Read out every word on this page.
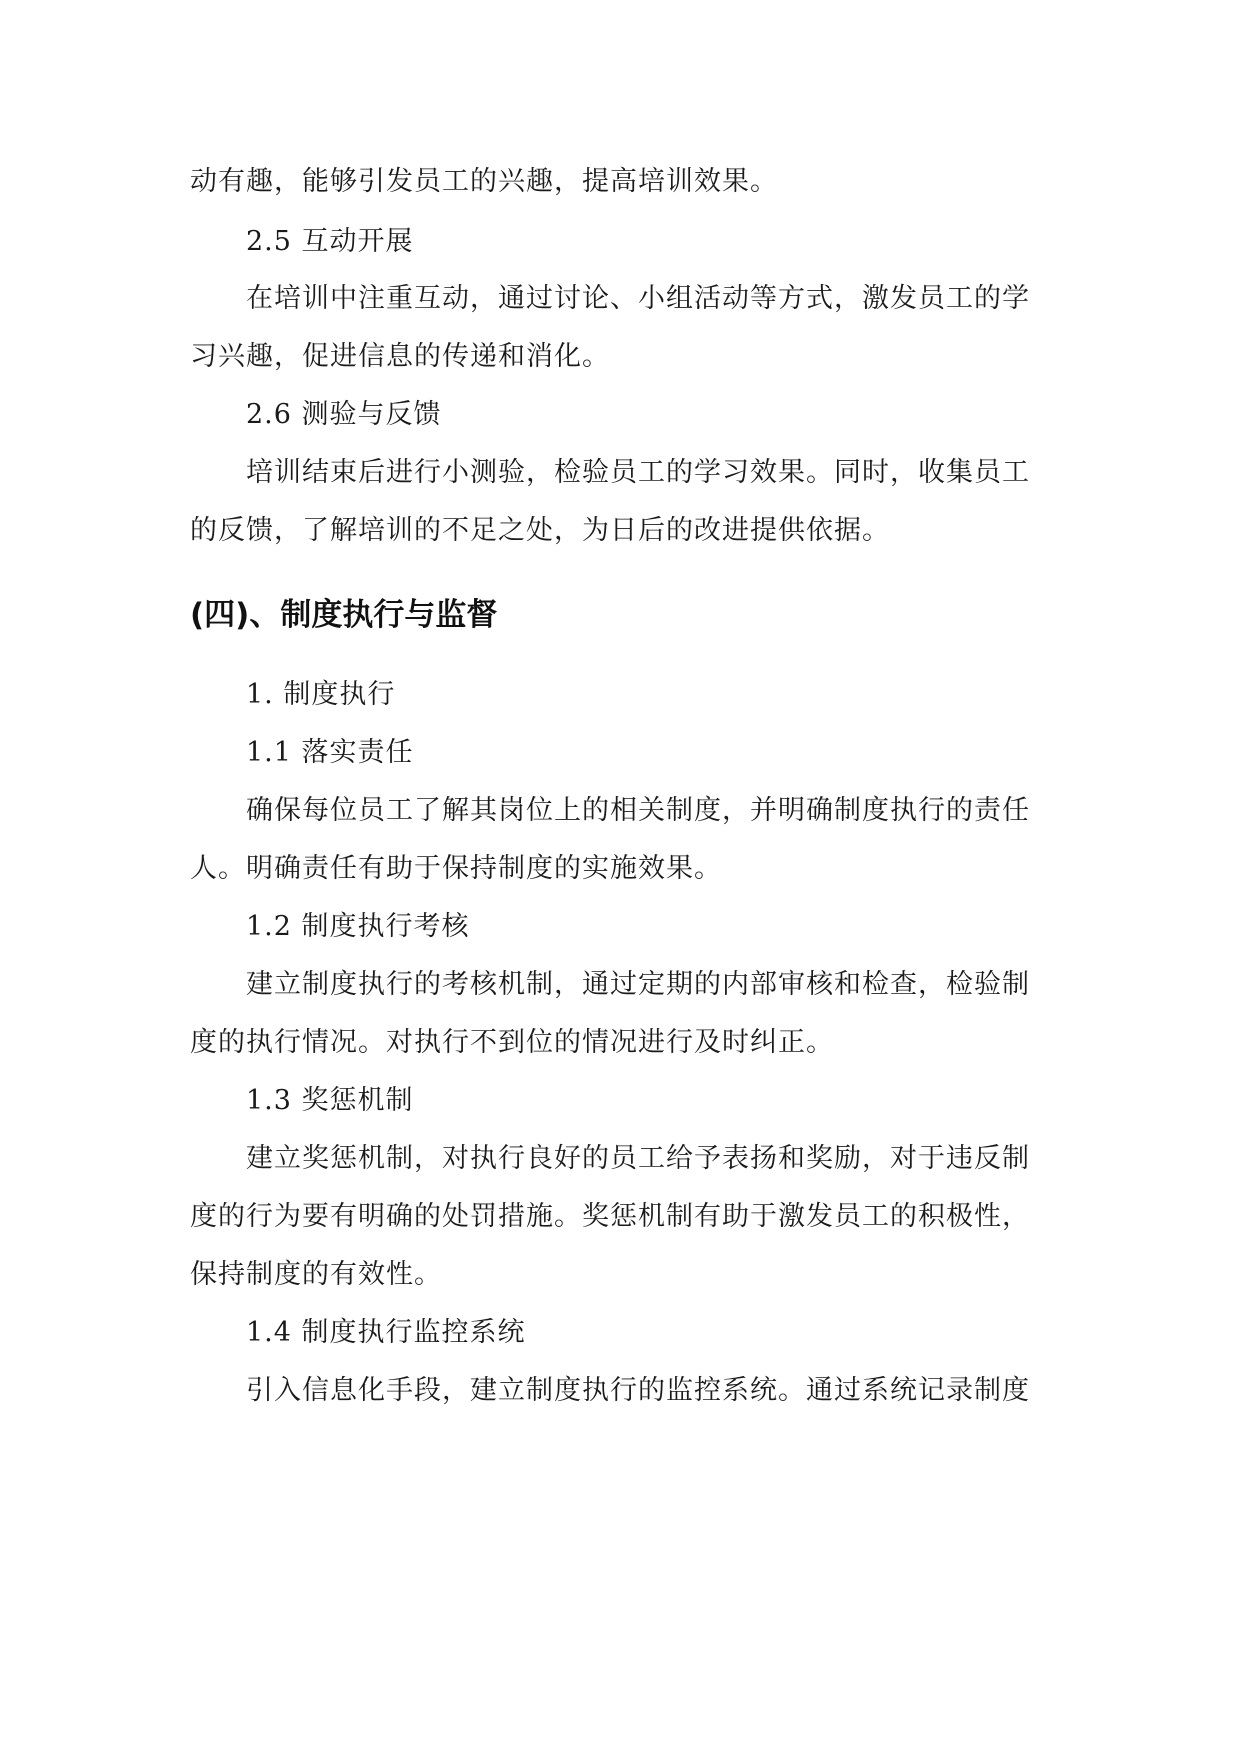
动有趣，能够引发员工的兴趣，提高培训效果。
2.5 互动开展
在培训中注重互动，通过讨论、小组活动等方式，激发员工的学
习兴趣，促进信息的传递和消化。
2.6 测验与反馈
培训结束后进行小测验，检验员工的学习效果。同时，收集员工
的反馈，了解培训的不足之处，为日后的改进提供依据。
(四)、制度执行与监督
1. 制度执行
1.1 落实责任
确保每位员工了解其岗位上的相关制度，并明确制度执行的责任
人。明确责任有助于保持制度的实施效果。
1.2 制度执行考核
建立制度执行的考核机制，通过定期的内部审核和检查，检验制
度的执行情况。对执行不到位的情况进行及时纠正。
1.3 奖惩机制
建立奖惩机制，对执行良好的员工给予表扬和奖励，对于违反制
度的行为要有明确的处罚措施。奖惩机制有助于激发员工的积极性，
保持制度的有效性。
1.4 制度执行监控系统
引入信息化手段，建立制度执行的监控系统。通过系统记录制度
